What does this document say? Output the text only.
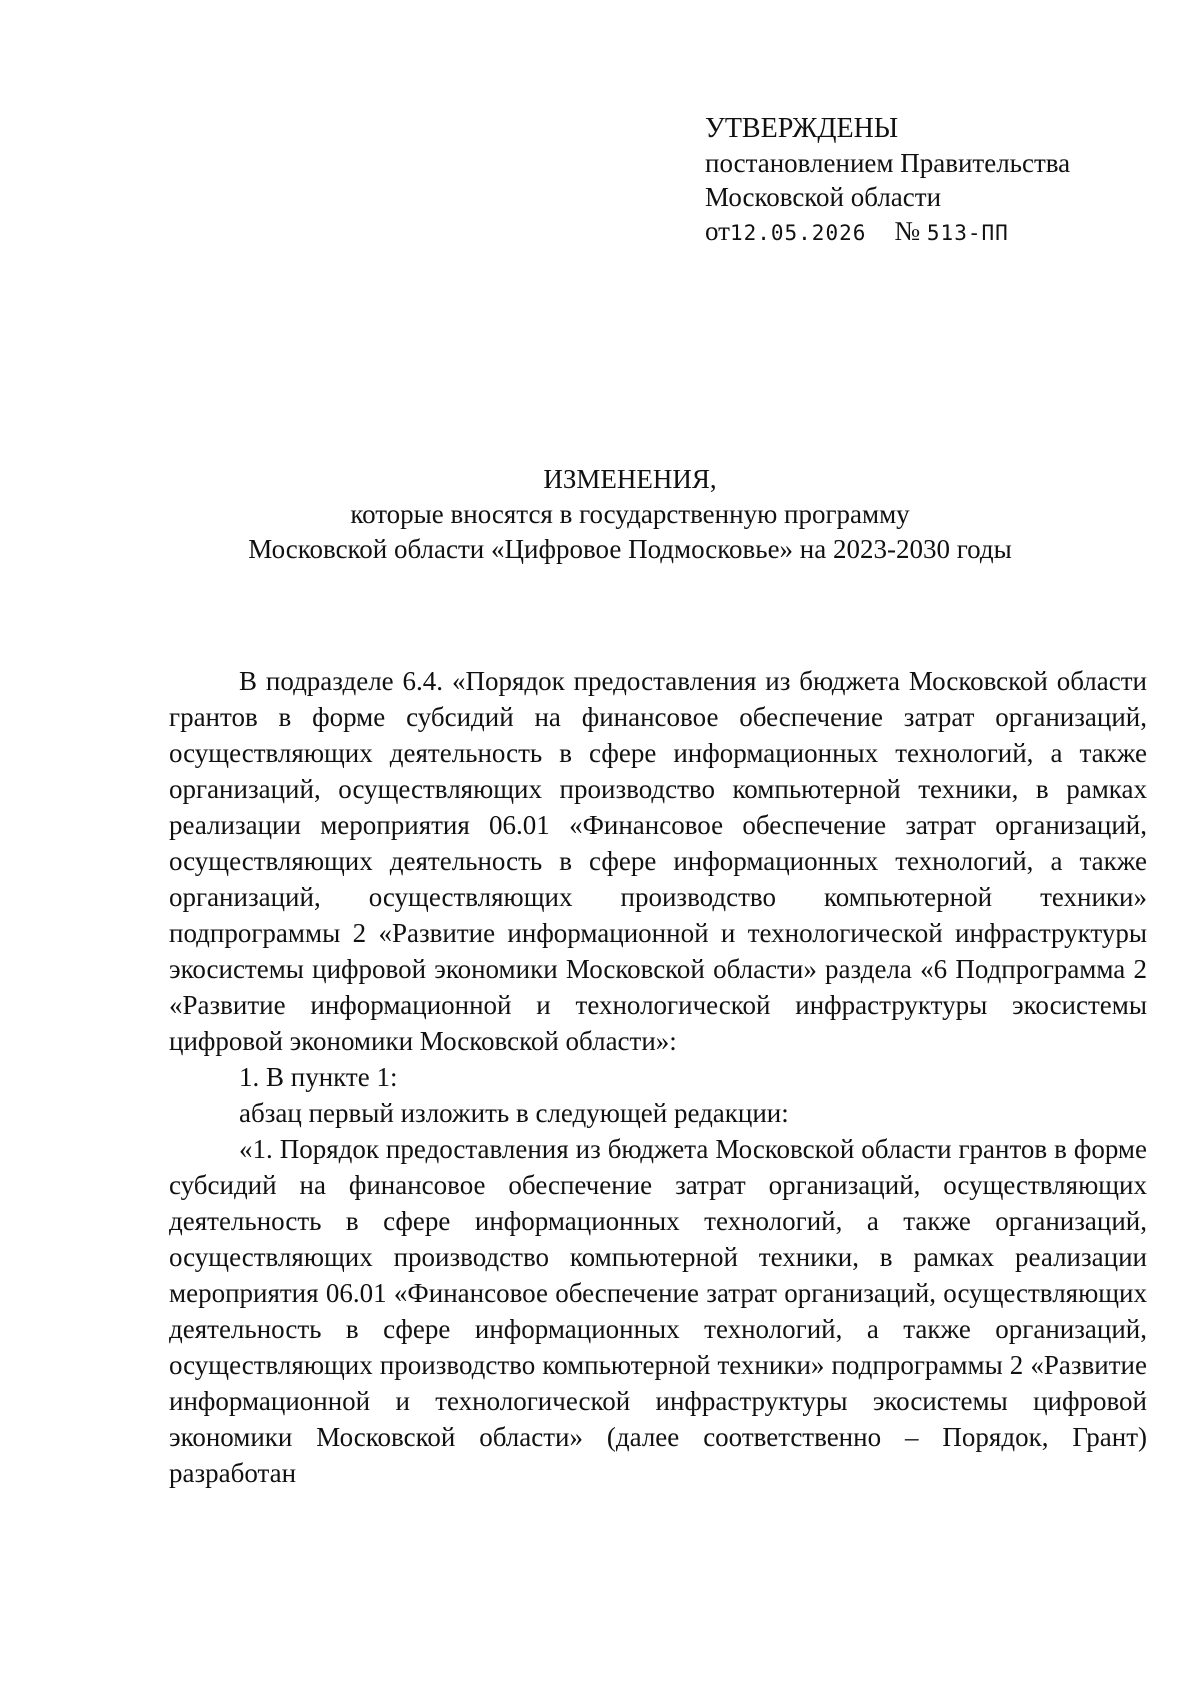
УТВЕРЖДЕНЫ
постановлением Правительства
Московской области
от12.05.2026 № 513-ПП
ИЗМЕНЕНИЯ,
которые вносятся в государственную программу
Московской области «Цифровое Подмосковье» на 2023-2030 годы

В подразделе 6.4. «Порядок предоставления из бюджета Московской области грантов в форме субсидий на финансовое обеспечение затрат организаций, осуществляющих деятельность в сфере информационных технологий, а также организаций, осуществляющих производство компьютерной техники, в рамках реализации мероприятия 06.01 «Финансовое обеспечение затрат организаций, осуществляющих деятельность в сфере информационных технологий, а также организаций, осуществляющих производство компьютерной техники» подпрограммы 2 «Развитие информационной и технологической инфраструктуры экосистемы цифровой экономики Московской области» раздела «6 Подпрограмма 2 «Развитие информационной и технологической инфраструктуры экосистемы цифровой экономики Московской области»:

1. В пункте 1:

абзац первый изложить в следующей редакции:

«1. Порядок предоставления из бюджета Московской области грантов в форме субсидий на финансовое обеспечение затрат организаций, осуществляющих деятельность в сфере информационных технологий, а также организаций, осуществляющих производство компьютерной техники, в рамках реализации мероприятия 06.01 «Финансовое обеспечение затрат организаций, осуществляющих деятельность в сфере информационных технологий, а также организаций, осуществляющих производство компьютерной техники» подпрограммы 2 «Развитие информационной и технологической инфраструктуры экосистемы цифровой экономики Московской области» (далее соответственно – Порядок, Грант) разработан
